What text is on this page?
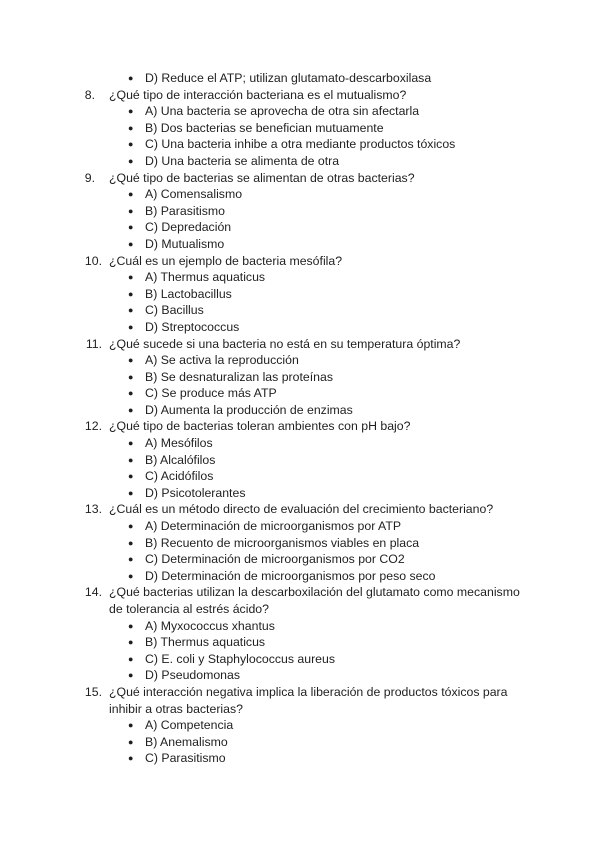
● D) Reduce el ATP; utilizan glutamato-descarboxilasa
8.	¿Qué tipo de interacción bacteriana es el mutualismo?
● A) Una bacteria se aprovecha de otra sin afectarla
● B) Dos bacterias se benefician mutuamente
● C) Una bacteria inhibe a otra mediante productos tóxicos
● D) Una bacteria se alimenta de otra
9.	¿Qué tipo de bacterias se alimentan de otras bacterias?
● A) Comensalismo
● B) Parasitismo
● C) Depredación
● D) Mutualismo
10. ¿Cuál es un ejemplo de bacteria mesófila?
● A) Thermus aquaticus
● B) Lactobacillus
● C) Bacillus
● D) Streptococcus
11. ¿Qué sucede si una bacteria no está en su temperatura óptima?
● A) Se activa la reproducción
● B) Se desnaturalizan las proteínas
● C) Se produce más ATP
● D) Aumenta la producción de enzimas
12. ¿Qué tipo de bacterias toleran ambientes con pH bajo?
● A) Mesófilos
● B) Alcalófilos
● C) Acidófilos
● D) Psicotolerantes
13. ¿Cuál es un método directo de evaluación del crecimiento bacteriano?
● A) Determinación de microorganismos por ATP
● B) Recuento de microorganismos viables en placa
● C) Determinación de microorganismos por CO2
● D) Determinación de microorganismos por peso seco
14. ¿Qué bacterias utilizan la descarboxilación del glutamato como mecanismo
de tolerancia al estrés ácido?
● A) Myxococcus xhantus
● B) Thermus aquaticus
● C) E. coli y Staphylococcus aureus
● D) Pseudomonas
15. ¿Qué interacción negativa implica la liberación de productos tóxicos para
inhibir a otras bacterias?
● A) Competencia
● B) Anemalismo
● C) Parasitismo
